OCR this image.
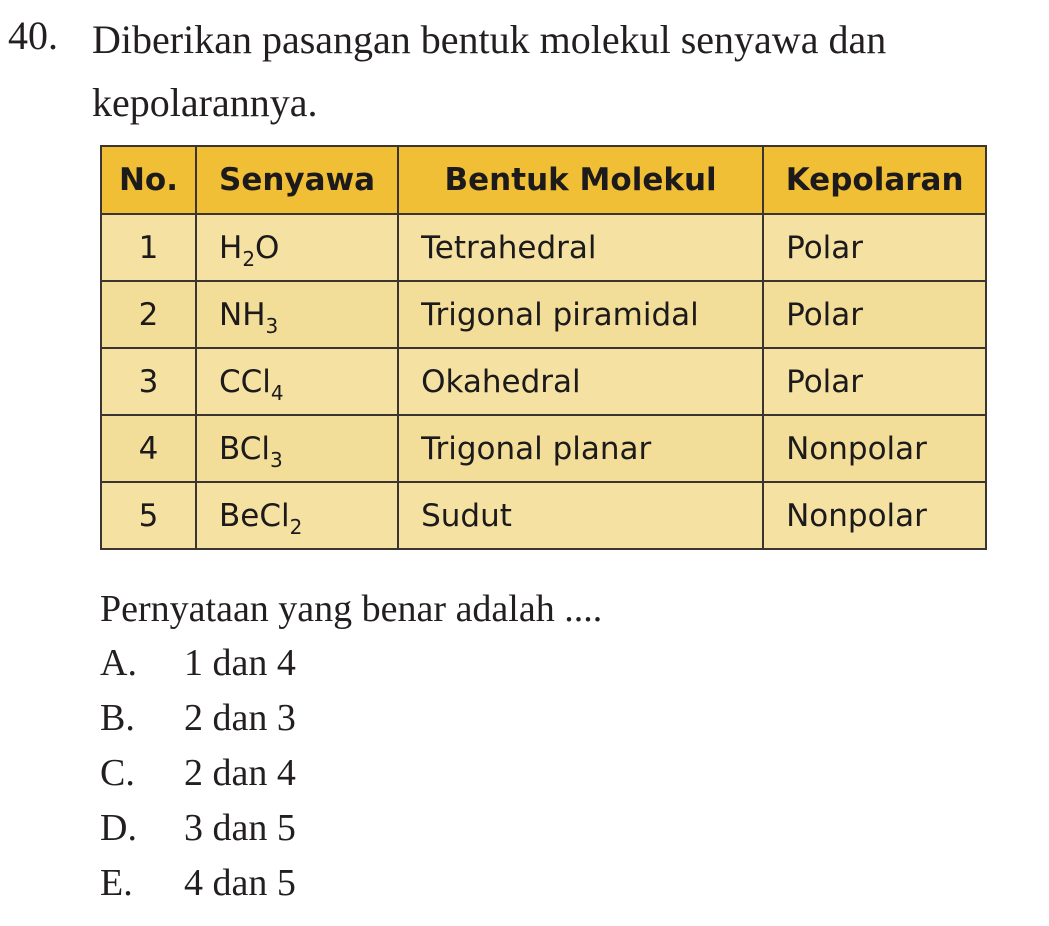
40. Diberikan pasangan bentuk molekul senyawa dan kepolarannya.
No.	Senyawa	Bentuk Molekul	Kepolaran
1	$H_2O$	Tetrahedral	Polar
2	$NH_3$	Trigonal piramidal	Polar
3	CCl$_4$	Okahedral	Polar
4	BCl$_3$	Trigonal planar	Nonpolar
5	BeCl$_2$	Sudut	Nonpolar
Pernyataan yang benar adalah ....
A.	1 dan 4
B.	2 dan 3
C.	2 dan 4
D.	3 dan 5
E.	4 dan 5
